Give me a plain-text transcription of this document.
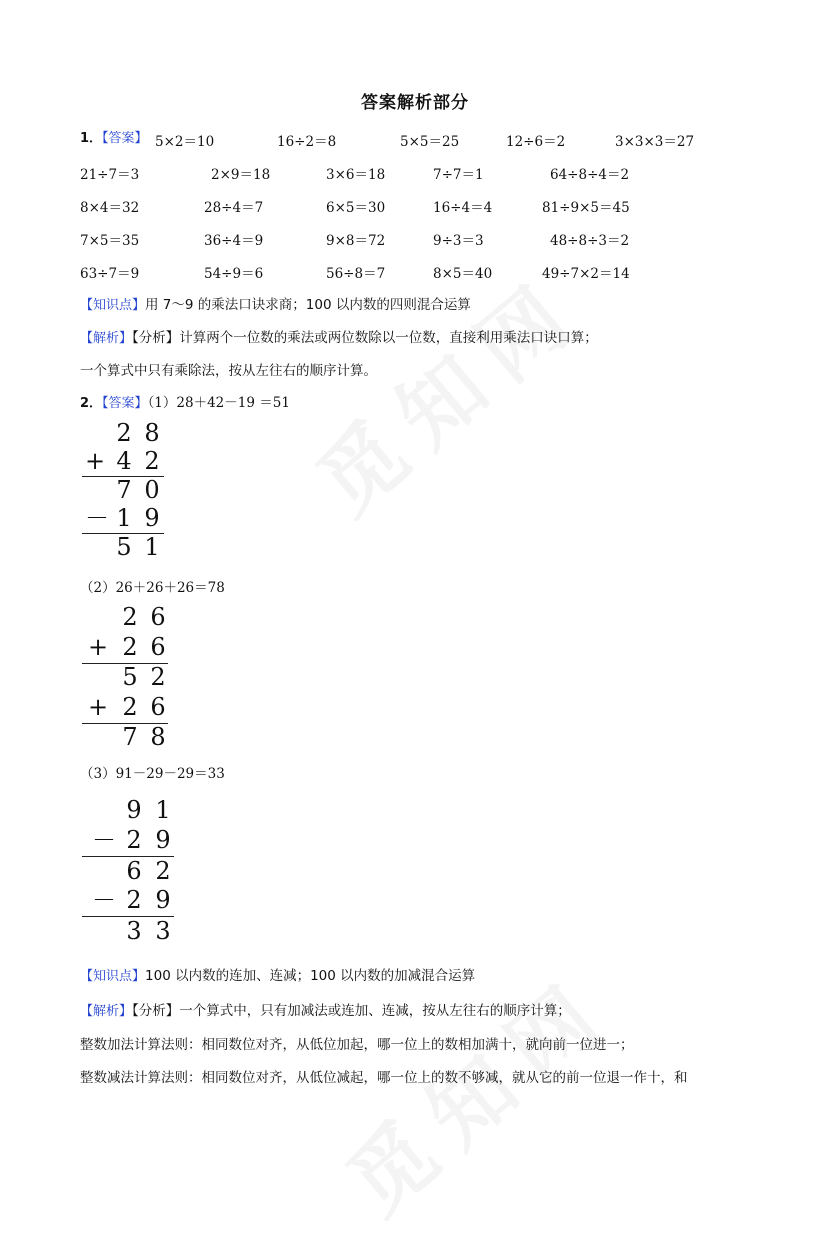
答案解析部分
1．【答案】 5×2＝10	16÷2＝8	5×5＝25	12÷6＝2	3×3×3＝27
21÷7＝3	2×9＝18	3×6＝18	7÷7＝1	64÷8÷4＝2
8×4＝32	28÷4＝7	6×5＝30	16÷4＝4	81÷9×5＝45
7×5＝35	36÷4＝9	9×8＝72	9÷3＝3	48÷8÷3＝2
63÷7＝9	54÷9＝6	56÷8＝7	8×5＝40	49÷7×2＝14
【知识点】用 7～9 的乘法口诀求商；100 以内数的四则混合运算
【解析】【分析】计算两个一位数的乘法或两位数除以一位数，直接利用乘法口诀口算；
一个算式中只有乘除法，按从左往右的顺序计算。
2．【答案】（1）28＋42－19 ＝51
2 8
+ 4 2
7 0
－ 1 9
5 1
（2）26＋26＋26＝78
2 6
+ 2 6
5 2
+ 2 6
7 8
（3）91－29－29＝33
9 1
－ 2 9
6 2
－ 2 9
3 3
【知识点】100 以内数的连加、连减；100 以内数的加减混合运算
【解析】【分析】一个算式中，只有加减法或连加、连减，按从左往右的顺序计算；
整数加法计算法则：相同数位对齐，从低位加起，哪一位上的数相加满十，就向前一位进一；
整数减法计算法则：相同数位对齐，从低位减起，哪一位上的数不够减，就从它的前一位退一作十，和
